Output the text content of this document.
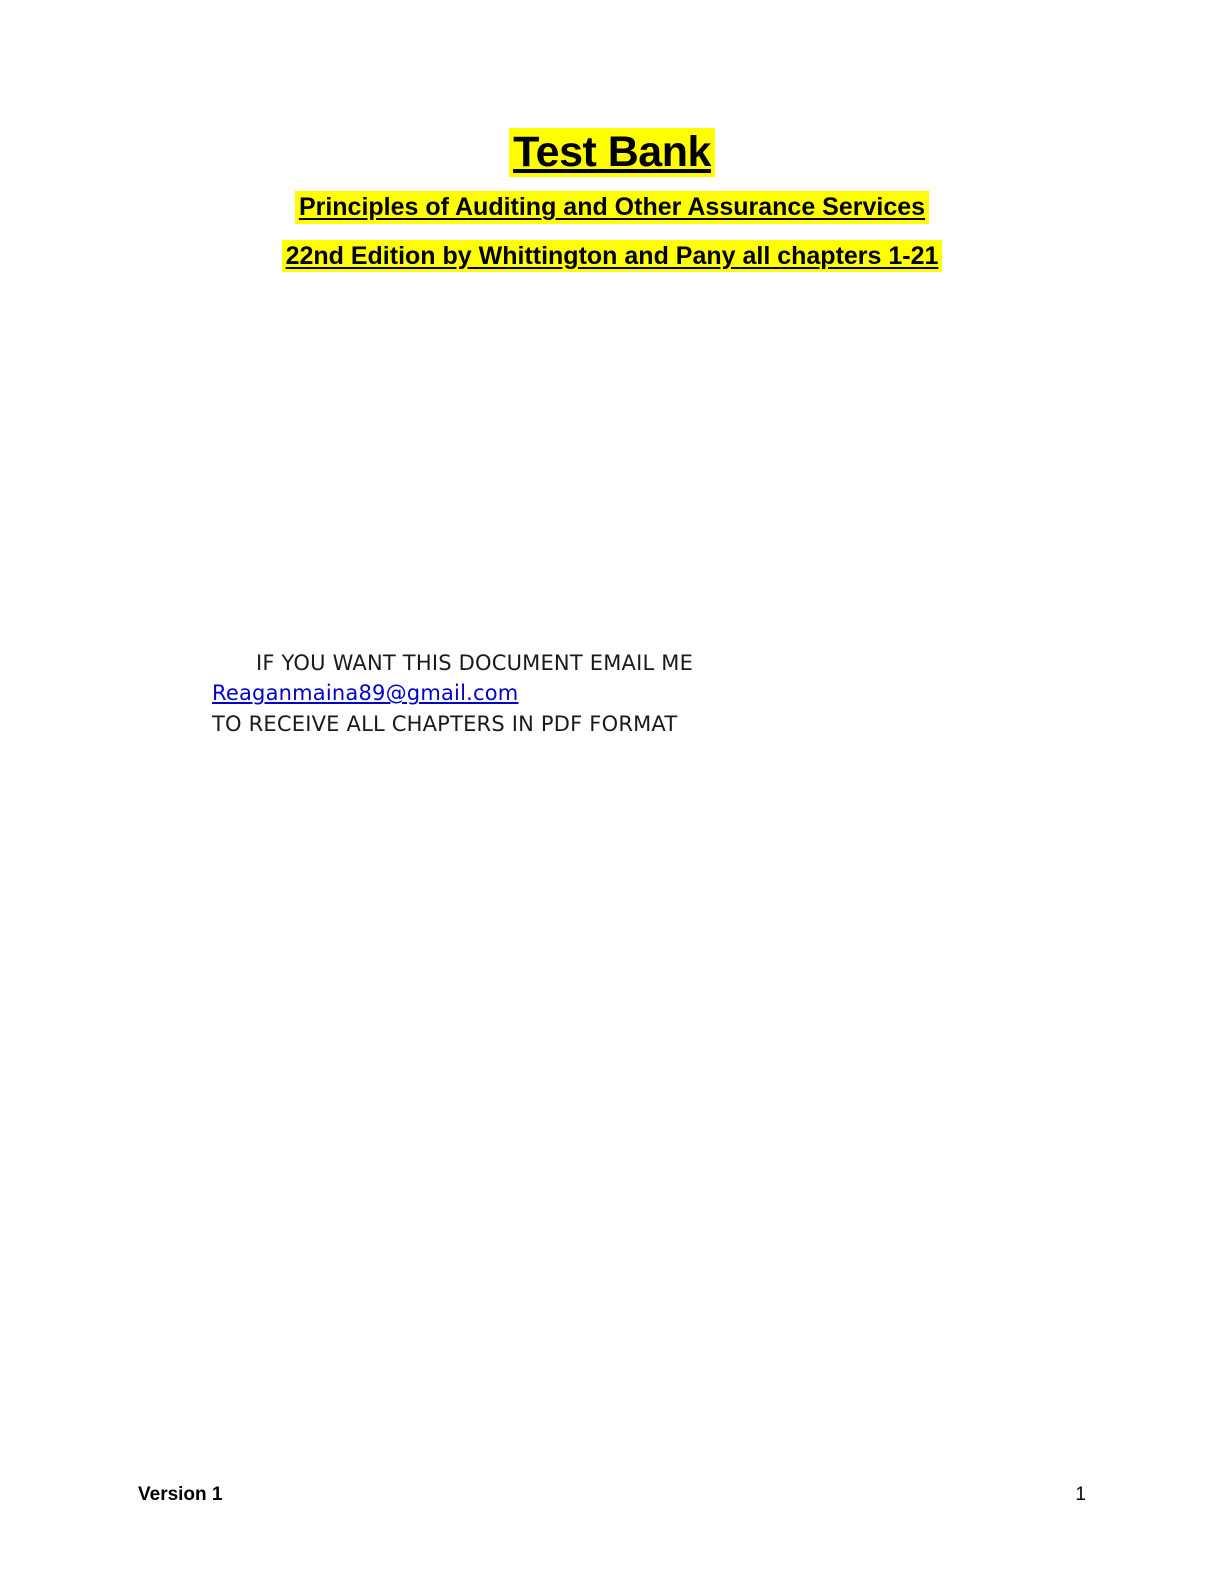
Test Bank
Principles of Auditing and Other Assurance Services
22nd Edition by Whittington and Pany all chapters 1-21
IF YOU WANT THIS DOCUMENT EMAIL ME
Reaganmaina89@gmail.com
TO RECEIVE ALL CHAPTERS IN PDF FORMAT
Version 1	1
